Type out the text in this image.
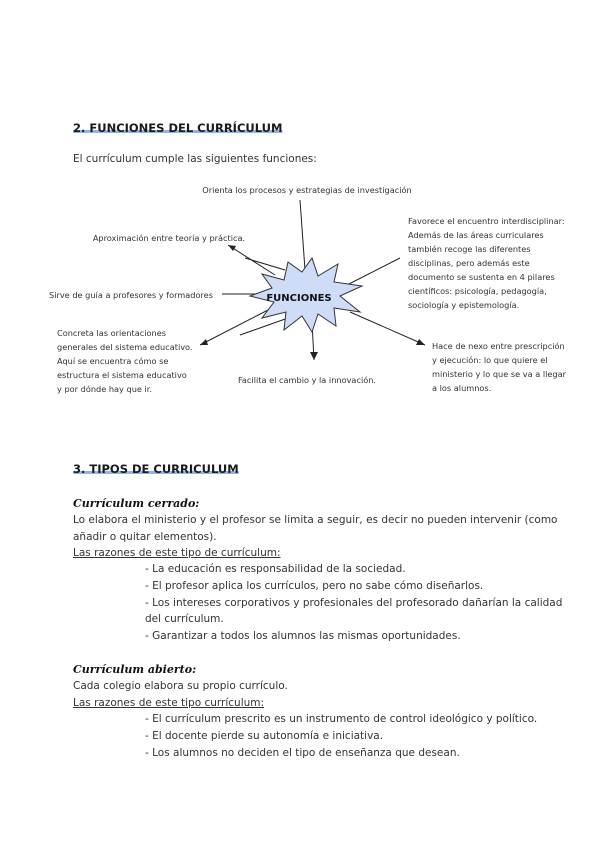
2. FUNCIONES DEL CURRÍCULUM
El currículum cumple las siguientes funciones:
FUNCIONES
Orienta los procesos y estrategias de investigación
Aproximación entre teoría y práctica.
Sirve de guía a profesores y formadores
Facilita el cambio y la innovación.
Concreta las orientaciones
generales del sistema educativo.
Aquí se encuentra cómo se
estructura el sistema educativo
y por dónde hay que ir.
Favorece el encuentro interdisciplinar:
Además de las áreas curriculares
también recoge las diferentes
disciplinas, pero además este
documento se sustenta en 4 pilares
científicos: psicología, pedagogía,
sociología y epistemología.
Hace de nexo entre prescripción
y ejecución: lo que quiere el
ministerio y lo que se va a llegar
a los alumnos.
3. TIPOS DE CURRICULUM
Currículum cerrado:
Lo elabora el ministerio y el profesor se limita a seguir, es decir no pueden intervenir (como
añadir o quitar elementos).
Las razones de este tipo de currículum:
- La educación es responsabilidad de la sociedad.
- El profesor aplica los currículos, pero no sabe cómo diseñarlos.
- Los intereses corporativos y profesionales del profesorado dañarían la calidad
del currículum.
- Garantizar a todos los alumnos las mismas oportunidades.
Currículum abierto:
Cada colegio elabora su propio currículo.
Las razones de este tipo currículum:
- El currículum prescrito es un instrumento de control ideológico y político.
- El docente pierde su autonomía e iniciativa.
- Los alumnos no deciden el tipo de enseñanza que desean.
